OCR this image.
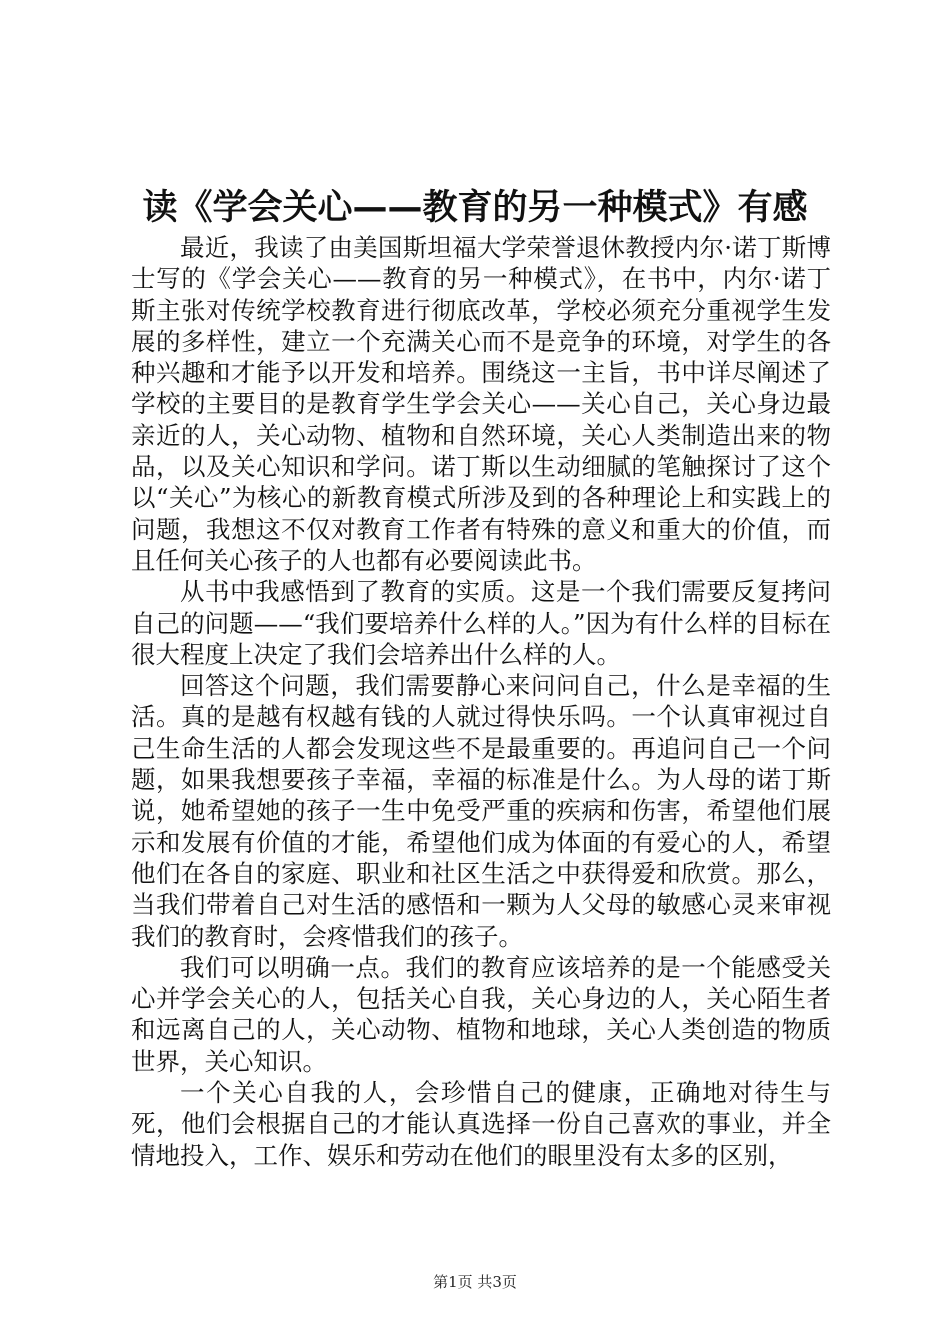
读《学会关心——教育的另一种模式》有感

最近，我读了由美国斯坦福大学荣誉退休教授内尔·诺丁斯博士写的《学会关心——教育的另一种模式》，在书中，内尔·诺丁斯主张对传统学校教育进行彻底改革，学校必须充分重视学生发展的多样性，建立一个充满关心而不是竞争的环境，对学生的各种兴趣和才能予以开发和培养。围绕这一主旨，书中详尽阐述了学校的主要目的是教育学生学会关心——关心自己，关心身边最亲近的人，关心动物、植物和自然环境，关心人类制造出来的物品，以及关心知识和学问。诺丁斯以生动细腻的笔触探讨了这个以“关心”为核心的新教育模式所涉及到的各种理论上和实践上的问题，我想这不仅对教育工作者有特殊的意义和重大的价值，而且任何关心孩子的人也都有必要阅读此书。

从书中我感悟到了教育的实质。这是一个我们需要反复拷问自己的问题——“我们要培养什么样的人。”因为有什么样的目标在很大程度上决定了我们会培养出什么样的人。

回答这个问题，我们需要静心来问问自己，什么是幸福的生活。真的是越有权越有钱的人就过得快乐吗。一个认真审视过自己生命生活的人都会发现这些不是最重要的。再追问自己一个问题，如果我想要孩子幸福，幸福的标准是什么。为人母的诺丁斯说，她希望她的孩子一生中免受严重的疾病和伤害，希望他们展示和发展有价值的才能，希望他们成为体面的有爱心的人，希望他们在各自的家庭、职业和社区生活之中获得爱和欣赏。那么，当我们带着自己对生活的感悟和一颗为人父母的敏感心灵来审视我们的教育时，会疼惜我们的孩子。

我们可以明确一点。我们的教育应该培养的是一个能感受关心并学会关心的人，包括关心自我，关心身边的人，关心陌生者和远离自己的人，关心动物、植物和地球，关心人类创造的物质世界，关心知识。

一个关心自我的人，会珍惜自己的健康，正确地对待生与死，他们会根据自己的才能认真选择一份自己喜欢的事业，并全情地投入，工作、娱乐和劳动在他们的眼里没有太多的区别，

第1页 共3页
